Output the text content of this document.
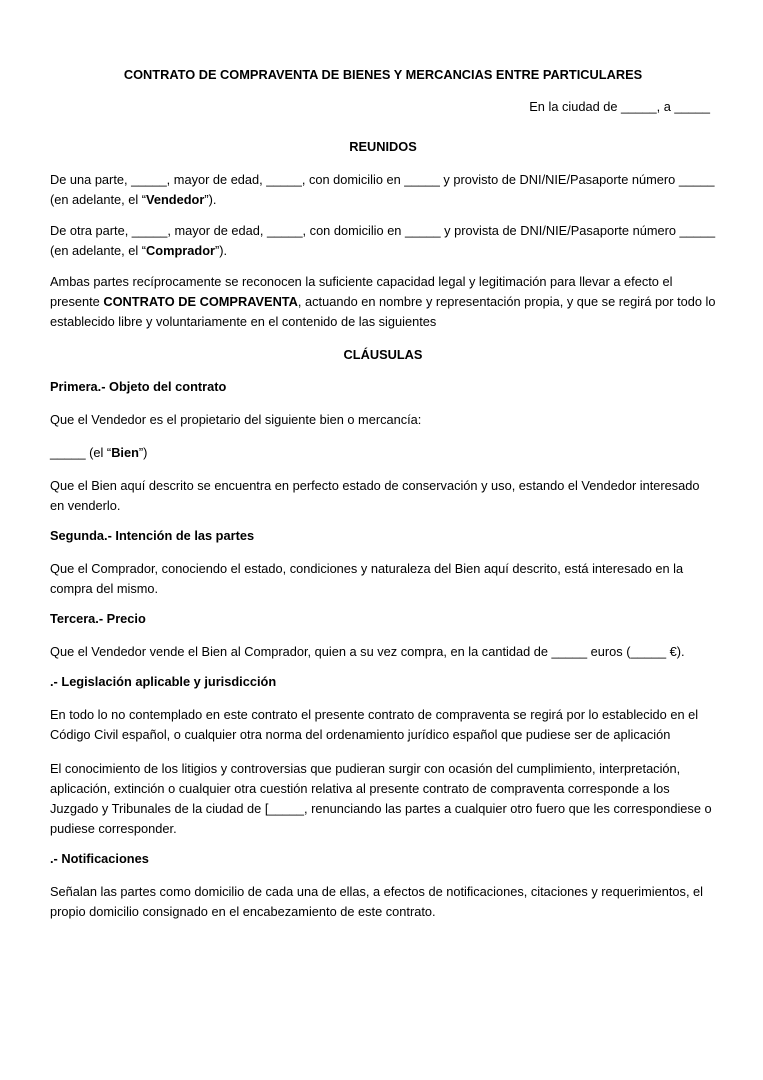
CONTRATO DE COMPRAVENTA DE BIENES Y MERCANCIAS ENTRE PARTICULARES
En la ciudad de _____, a _____
REUNIDOS

De una parte, _____, mayor de edad, _____, con domicilio en _____ y provisto de DNI/NIE/Pasaporte número _____ (en adelante, el “Vendedor”).

De otra parte, _____, mayor de edad, _____, con domicilio en _____ y provista de DNI/NIE/Pasaporte número _____ (en adelante, el “Comprador”).

Ambas partes recíprocamente se reconocen la suficiente capacidad legal y legitimación para llevar a efecto el presente CONTRATO DE COMPRAVENTA, actuando en nombre y representación propia, y que se regirá por todo lo establecido libre y voluntariamente en el contenido de las siguientes

CLÁUSULAS
Primera.- Objeto del contrato

Que el Vendedor es el propietario del siguiente bien o mercancía:

_____ (el “Bien”)

Que el Bien aquí descrito se encuentra en perfecto estado de conservación y uso, estando el Vendedor interesado en venderlo.

Segunda.- Intención de las partes

Que el Comprador, conociendo el estado, condiciones y naturaleza del Bien aquí descrito, está interesado en la compra del mismo.

Tercera.- Precio

Que el Vendedor vende el Bien al Comprador, quien a su vez compra, en la cantidad de _____ euros (_____ €).

.- Legislación aplicable y jurisdicción

En todo lo no contemplado en este contrato el presente contrato de compraventa se regirá por lo establecido en el Código Civil español, o cualquier otra norma del ordenamiento jurídico español que pudiese ser de aplicación

El conocimiento de los litigios y controversias que pudieran surgir con ocasión del cumplimiento, interpretación, aplicación, extinción o cualquier otra cuestión relativa al presente contrato de compraventa corresponde a los Juzgado y Tribunales de la ciudad de [_____, renunciando las partes a cualquier otro fuero que les correspondiese o pudiese corresponder.

.- Notificaciones

Señalan las partes como domicilio de cada una de ellas, a efectos de notificaciones, citaciones y requerimientos, el propio domicilio consignado en el encabezamiento de este contrato.
